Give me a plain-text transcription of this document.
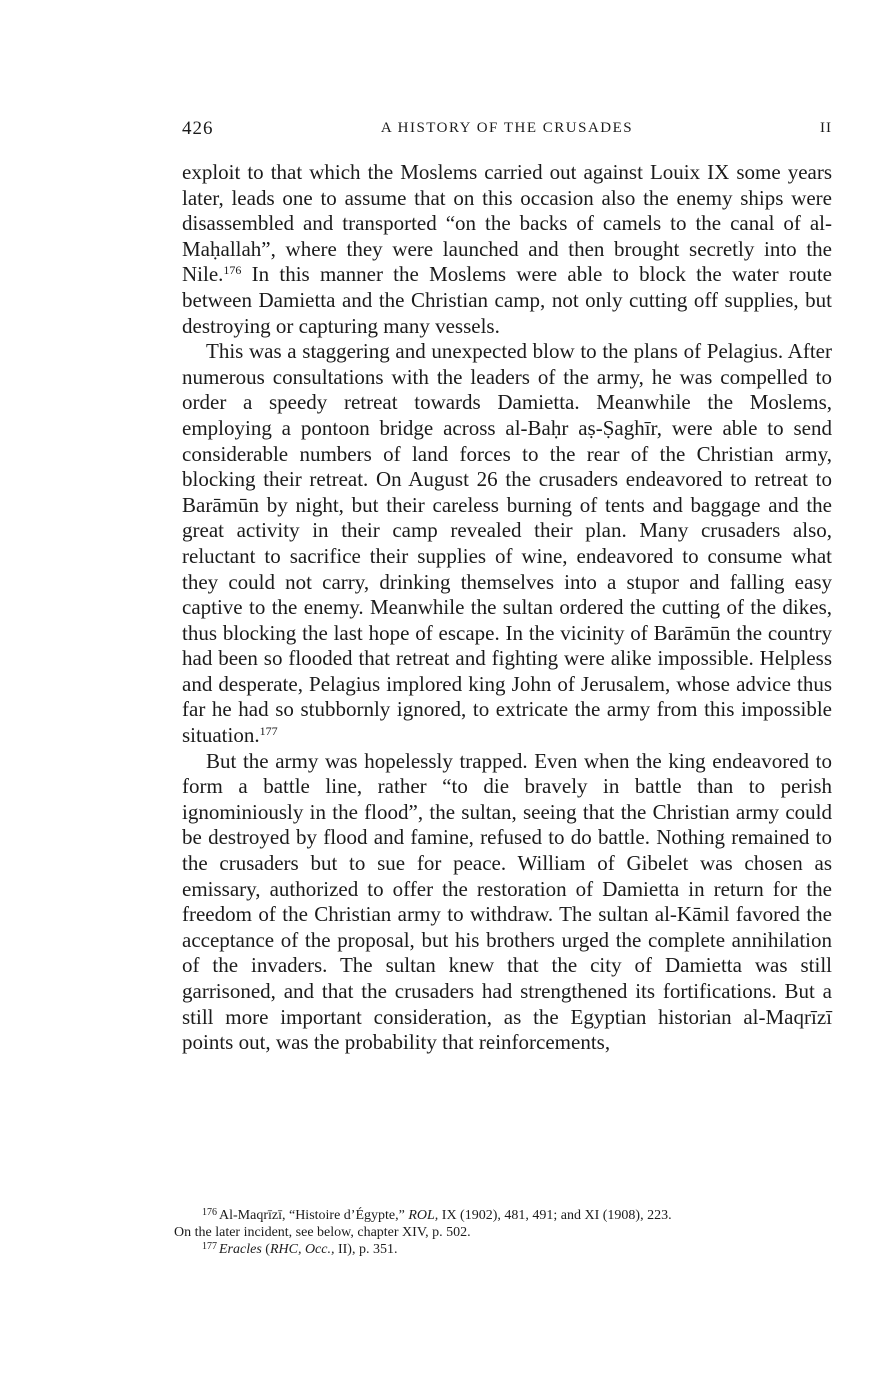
426	A HISTORY OF THE CRUSADES	II

exploit to that which the Moslems carried out against Louix IX some years later, leads one to assume that on this occasion also the enemy ships were disassembled and transported “on the backs of camels to the canal of al-Maḥallah”, where they were launched and then brought secretly into the Nile.$^{176}$ In this manner the Moslems were able to block the water route between Damietta and the Christian camp, not only cutting off supplies, but destroying or capturing many vessels.

This was a staggering and unexpected blow to the plans of Pelagius. After numerous consultations with the leaders of the army, he was compelled to order a speedy retreat towards Damietta. Meanwhile the Moslems, employing a pontoon bridge across al-Baḥr aṣ-Ṣaghīr, were able to send considerable numbers of land forces to the rear of the Christian army, blocking their retreat. On August 26 the crusaders endeavored to retreat to Barāmūn by night, but their careless burning of tents and baggage and the great activity in their camp revealed their plan. Many crusaders also, reluctant to sacrifice their supplies of wine, endeavored to consume what they could not carry, drinking themselves into a stupor and falling easy captive to the enemy. Meanwhile the sultan ordered the cutting of the dikes, thus blocking the last hope of escape. In the vicinity of Barāmūn the country had been so flooded that retreat and fighting were alike impossible. Helpless and desperate, Pelagius implored king John of Jerusalem, whose advice thus far he had so stubbornly ignored, to extricate the army from this impossible situation.$^{177}$

But the army was hopelessly trapped. Even when the king endeavored to form a battle line, rather “to die bravely in battle than to perish ignominiously in the flood”, the sultan, seeing that the Christian army could be destroyed by flood and famine, refused to do battle. Nothing remained to the crusaders but to sue for peace. William of Gibelet was chosen as emissary, authorized to offer the restoration of Damietta in return for the freedom of the Christian army to withdraw. The sultan al-Kāmil favored the acceptance of the proposal, but his brothers urged the complete annihilation of the invaders. The sultan knew that the city of Damietta was still garrisoned, and that the crusaders had strengthened its fortifications. But a still more important consideration, as the Egyptian historian al-Maqrīzī points out, was the probability that reinforcements,

$^{176}$ Al-Maqrīzī, “Histoire d’Égypte,” ROL, IX (1902), 481, 491; and XI (1908), 223.

On the later incident, see below, chapter XIV, p. 502.

$^{177}$ Eracles (RHC, Occ., II), p. 351.
